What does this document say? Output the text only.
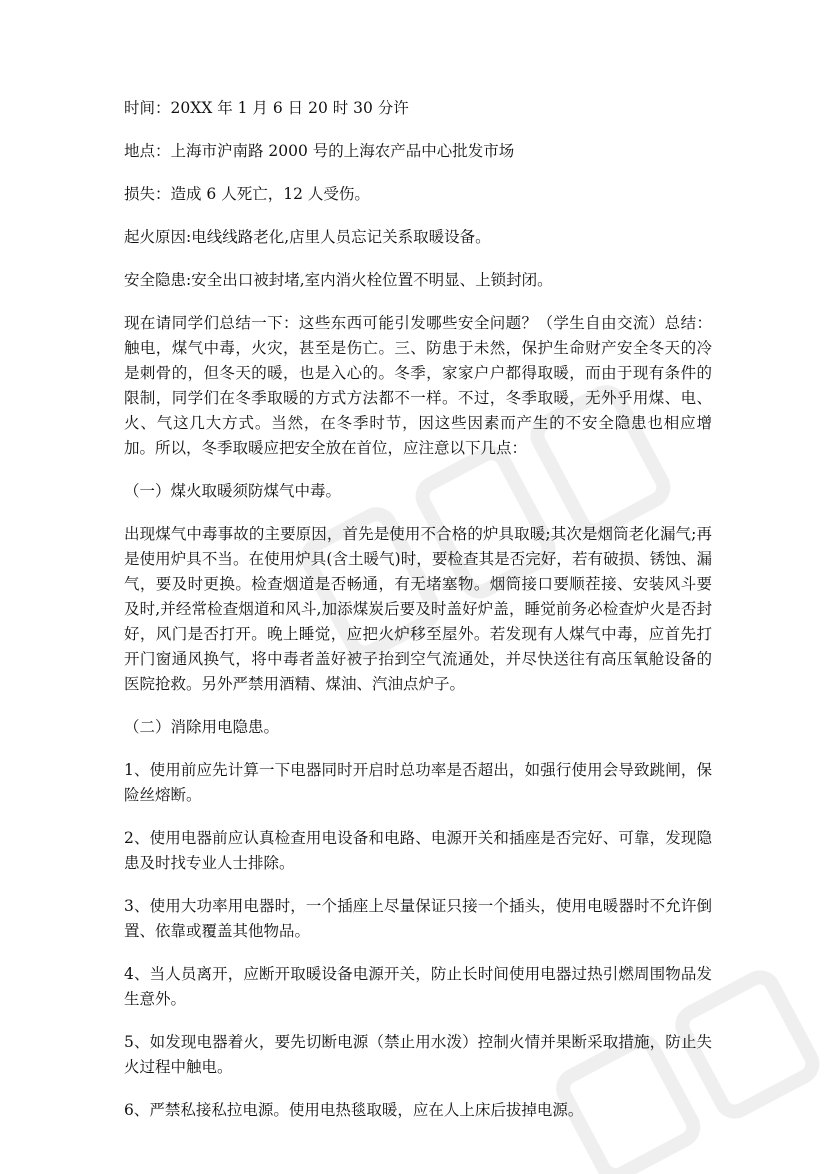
时间：20XX 年 1 月 6 日 20 时 30 分许

地点：上海市沪南路 2000 号的上海农产品中心批发市场

损失：造成 6 人死亡，12 人受伤。

起火原因:电线线路老化,店里人员忘记关系取暖设备。

安全隐患:安全出口被封堵,室内消火栓位置不明显、上锁封闭。

现在请同学们总结一下：这些东西可能引发哪些安全问题？（学生自由交流）总结：触电，煤气中毒，火灾，甚至是伤亡。三、防患于未然，保护生命财产安全冬天的冷是刺骨的，但冬天的暖，也是入心的。冬季，家家户户都得取暖，而由于现有条件的限制，同学们在冬季取暖的方式方法都不一样。不过，冬季取暖，无外乎用煤、电、火、气这几大方式。当然，在冬季时节，因这些因素而产生的不安全隐患也相应增加。所以，冬季取暖应把安全放在首位，应注意以下几点：

（一）煤火取暖须防煤气中毒。

出现煤气中毒事故的主要原因，首先是使用不合格的炉具取暖;其次是烟筒老化漏气;再是使用炉具不当。在使用炉具(含土暖气)时，要检查其是否完好，若有破损、锈蚀、漏气，要及时更换。检查烟道是否畅通，有无堵塞物。烟筒接口要顺茬接、安装风斗要及时,并经常检查烟道和风斗,加添煤炭后要及时盖好炉盖，睡觉前务必检查炉火是否封好，风门是否打开。晚上睡觉，应把火炉移至屋外。若发现有人煤气中毒，应首先打开门窗通风换气，将中毒者盖好被子抬到空气流通处，并尽快送往有高压氧舱设备的医院抢救。另外严禁用酒精、煤油、汽油点炉子。

（二）消除用电隐患。

1、使用前应先计算一下电器同时开启时总功率是否超出，如强行使用会导致跳闸，保险丝熔断。

2、使用电器前应认真检查用电设备和电路、电源开关和插座是否完好、可靠，发现隐患及时找专业人士排除。

3、使用大功率用电器时，一个插座上尽量保证只接一个插头，使用电暖器时不允许倒置、依靠或覆盖其他物品。

4、当人员离开，应断开取暖设备电源开关，防止长时间使用电器过热引燃周围物品发生意外。

5、如发现电器着火，要先切断电源（禁止用水泼）控制火情并果断采取措施，防止失火过程中触电。

6、严禁私接私拉电源。使用电热毯取暖，应在人上床后拔掉电源。
